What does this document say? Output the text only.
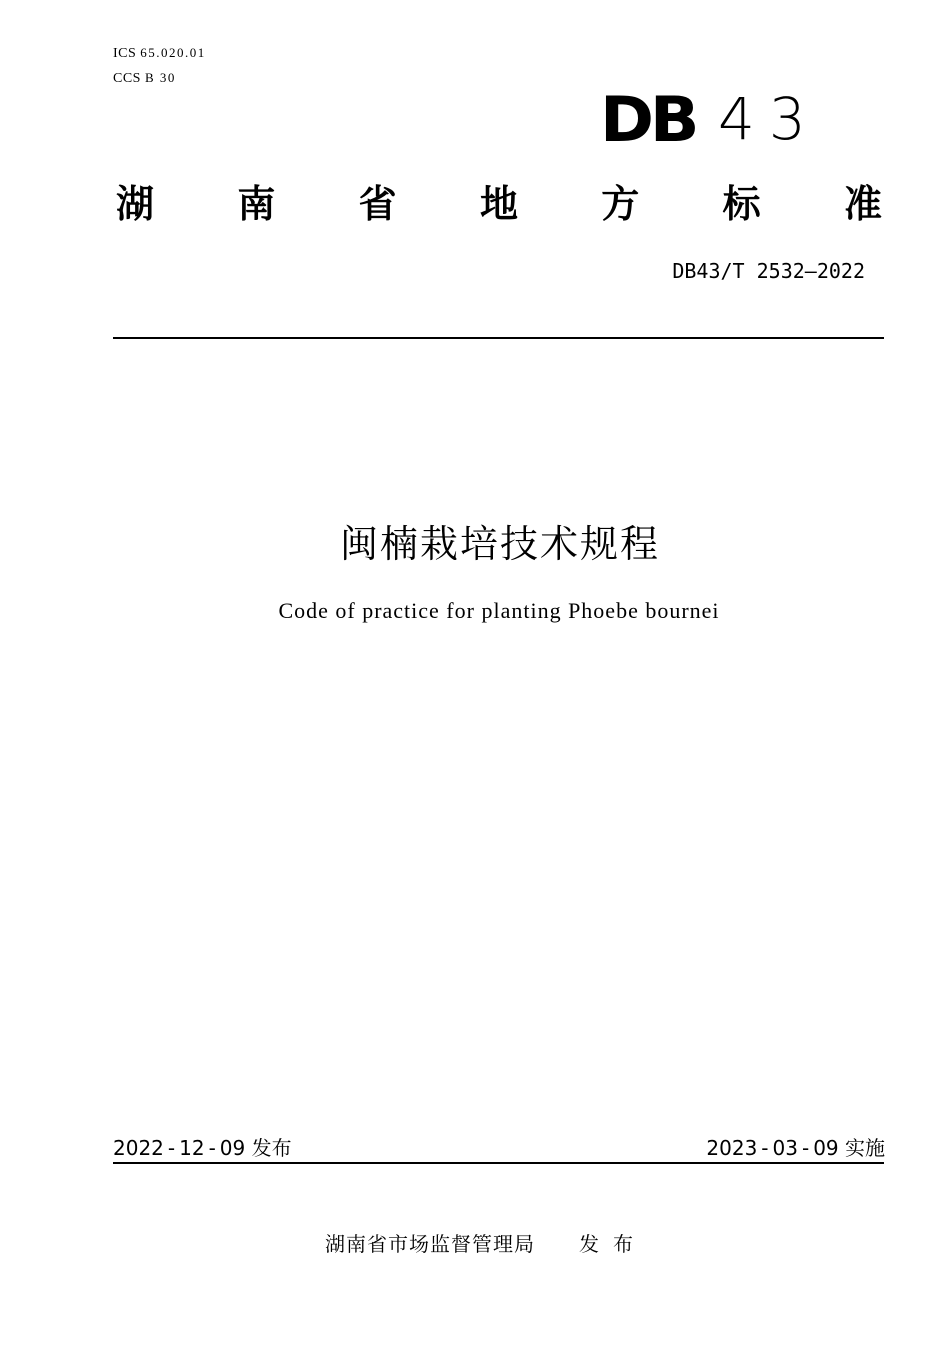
ICS 65.020.01
CCS B 30
DB 43
湖 南 省 地 方 标 准
DB43/T 2532—2022
闽楠栽培技术规程
Code of practice for planting Phoebe bournei
2022 - 12 - 09 发布	2023 - 03 - 09 实施
湖南省市场监督管理局 发布
